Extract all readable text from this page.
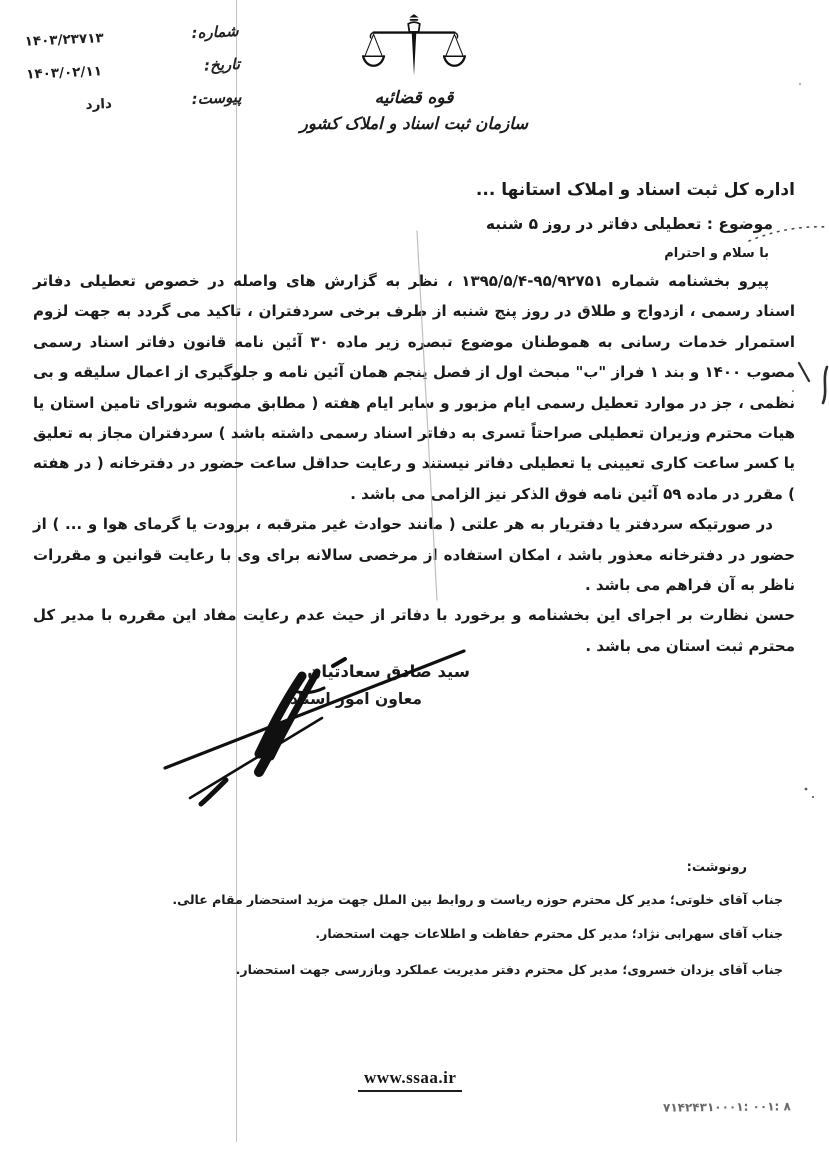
شماره:
۱۴۰۳/۲۳۷۱۳
تاریخ:
۱۴۰۳/۰۲/۱۱
پیوست:
دارد	قوه قضائیه
سازمان ثبت اسناد و املاک کشور
اداره کل ثبت اسناد و املاک استانها ...
موضوع : تعطیلی دفاتر در روز ۵ شنبه
با سلام و احترام

پیرو بخشنامه شماره ۹۵/۹۲۷۵۱-۱۳۹۵/۵/۴ ، نظر به گزارش های واصله در خصوص تعطیلی دفاتر اسناد رسمی ، ازدواج و طلاق در روز پنج شنبه از طرف برخی سردفتران ، تاکید می گردد به جهت لزوم استمرار خدمات رسانی به هموطنان موضوع تبصره زیر ماده ۳۰ آئین نامه قانون دفاتر اسناد رسمی مصوب ۱۴۰۰ و بند ۱ فراز "ب" مبحث اول از فصل پنجم همان آئین نامه و جلوگیری از اعمال سلیقه و بی نظمی ، جز در موارد تعطیل رسمی ایام مزبور و سایر ایام هفته ( مطابق مصوبه شورای تامین استان یا هیات محترم وزیران تعطیلی صراحتاً تسری به دفاتر اسناد رسمی داشته باشد ) سردفتران مجاز به تعلیق یا کسر ساعت کاری تعیینی یا تعطیلی دفاتر نیستند و رعایت حداقل ساعت حضور در دفترخانه ( در هفته ) مقرر در ماده ۵۹ آئین نامه فوق الذکر نیز الزامی می باشد .

در صورتیکه سردفتر یا دفتریار به هر علتی ( مانند حوادث غیر مترقبه ، برودت یا گرمای هوا و ... ) از حضور در دفترخانه معذور باشد ، امکان استفاده از مرخصی سالانه برای وی با رعایت قوانین و مقررات ناظر به آن فراهم می باشد .

حسن نظارت بر اجرای این بخشنامه و برخورد با دفاتر از حیث عدم رعایت مفاد این مقرره با مدیر کل محترم ثبت استان می باشد .

سید صادق سعادتیان
معاون امور اسناد
رونوشت:
جناب آقای خلوتی؛ مدیر کل محترم حوزه ریاست و روابط بین الملل جهت مزید استحضار مقام عالی.
جناب آقای سهرابی نژاد؛ مدیر کل محترم حفاظت و اطلاعات جهت استحضار.
جناب آقای یزدان خسروی؛ مدیر کل محترم دفتر مدیریت عملکرد وبازرسی جهت استحضار.
www.ssaa.ir
۷۱۴۲۴۳۱۰۰۰۱: ۰۰۱: ۸
